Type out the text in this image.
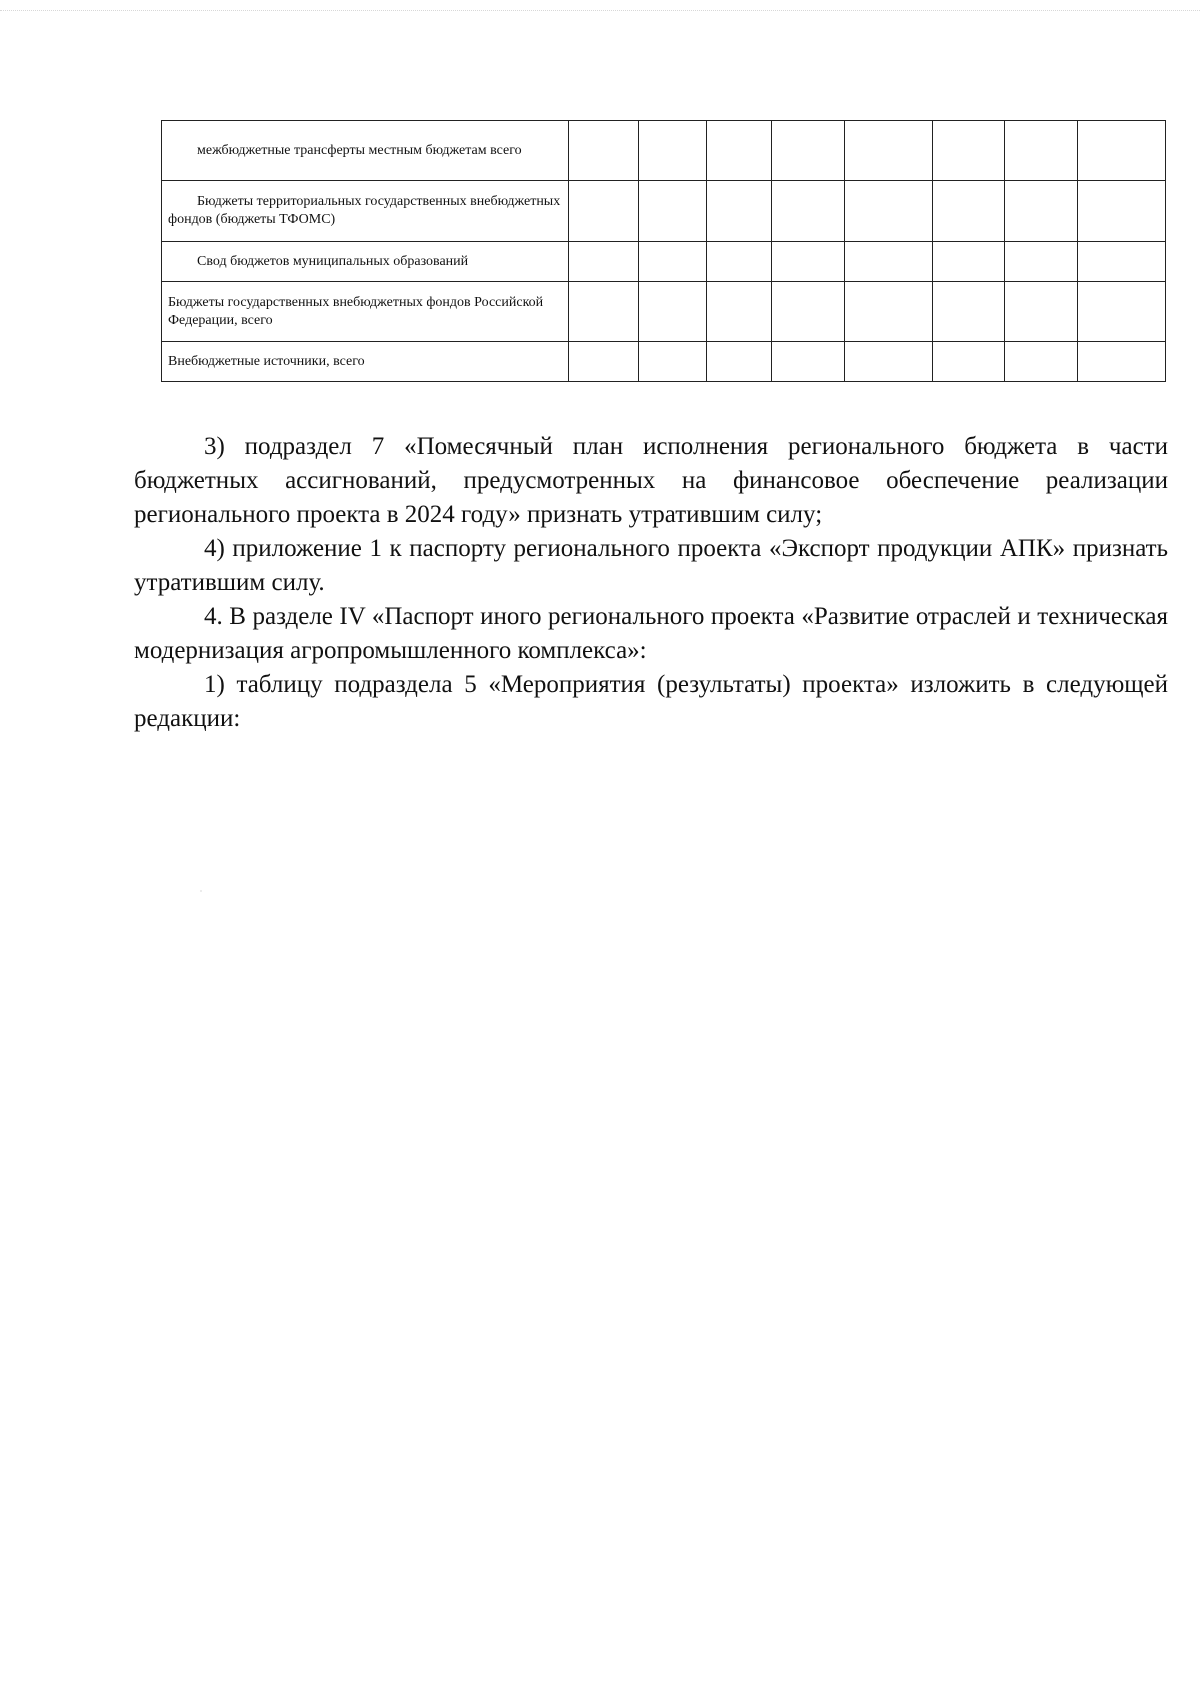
межбюджетные трансферты местным бюджетам всего								

Бюджеты территориальных государственных внебюджетных фондов (бюджеты ТФОМС)								

Свод бюджетов муниципальных образований								

Бюджеты государственных внебюджетных фондов Российской Федерации, всего								

Внебюджетные источники, всего								

3) подраздел 7 «Помесячный план исполнения регионального бюджета в части бюджетных ассигнований, предусмотренных на финансовое обеспечение реализации регионального проекта в 2024 году» признать утратившим силу;

4) приложение 1 к паспорту регионального проекта «Экспорт продукции АПК» признать утратившим силу.

4. В разделе IV «Паспорт иного регионального проекта «Развитие отраслей и техническая модернизация агропромышленного комплекса»:

1) таблицу подраздела 5 «Мероприятия (результаты) проекта» изложить в следующей редакции:
